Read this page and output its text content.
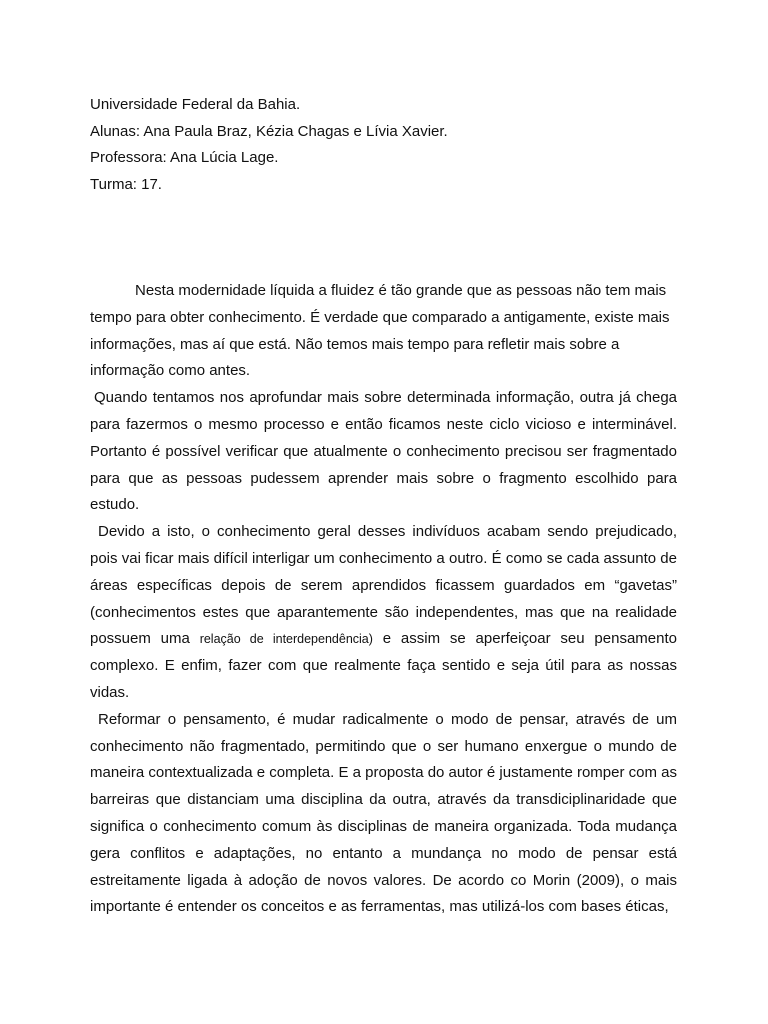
Universidade Federal da Bahia.
Alunas: Ana Paula Braz, Kézia Chagas e Lívia Xavier.
Professora: Ana Lúcia Lage.
Turma: 17.

Nesta modernidade líquida a fluidez é tão grande que as pessoas não tem mais tempo para obter conhecimento. É verdade que comparado a antigamente, existe mais informações, mas aí que está. Não temos mais tempo para refletir mais sobre a informação como antes.

Quando tentamos nos aprofundar mais sobre determinada informação, outra já chega para fazermos o mesmo processo e então ficamos neste ciclo vicioso e interminável. Portanto é possível verificar que atualmente o conhecimento precisou ser fragmentado para que as pessoas pudessem aprender mais sobre o fragmento escolhido para estudo.

Devido a isto, o conhecimento geral desses indivíduos acabam sendo prejudicado, pois vai ficar mais difícil interligar um conhecimento a outro. É como se cada assunto de áreas específicas depois de serem aprendidos ficassem guardados em “gavetas” (conhecimentos estes que aparantemente são independentes, mas que na realidade possuem uma relação de interdependência) e assim se aperfeiçoar seu pensamento complexo. E enfim, fazer com que realmente faça sentido e seja útil para as nossas vidas.

Reformar o pensamento, é mudar radicalmente o modo de pensar, através de um conhecimento não fragmentado, permitindo que o ser humano enxergue o mundo de maneira contextualizada e completa. E a proposta do autor é justamente romper com as barreiras que distanciam uma disciplina da outra, através da transdiciplinaridade que significa o conhecimento comum às disciplinas de maneira organizada. Toda mudança gera conflitos e adaptações, no entanto a mundança no modo de pensar está estreitamente ligada à adoção de novos valores. De acordo co Morin (2009), o mais importante é entender os conceitos e as ferramentas, mas utilizá-los com bases éticas,
